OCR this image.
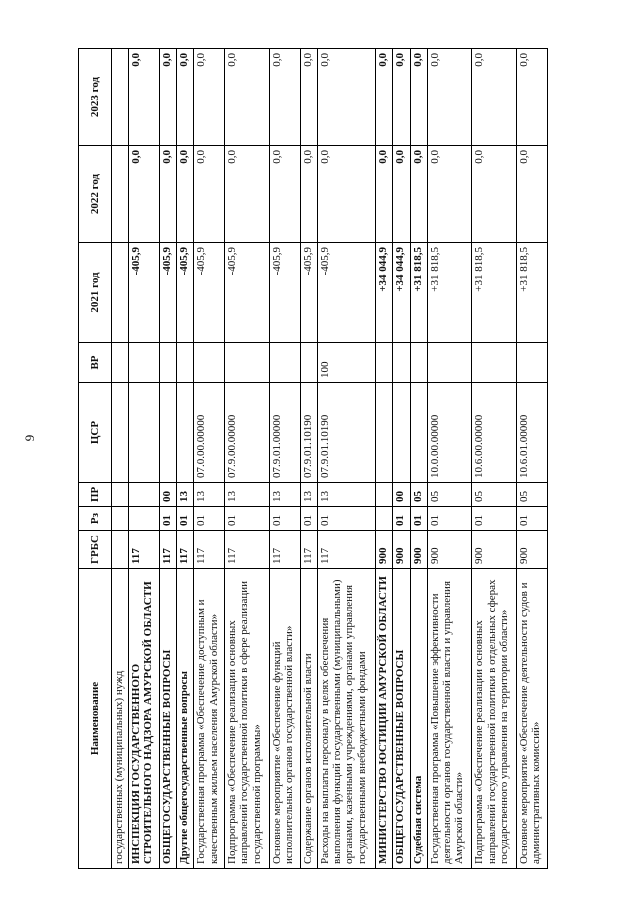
9
Наименование	ГРБС	Рз	ПР	ЦСР	ВР	2021 год	2022 год	2023 год
государственных (муниципальных) нужд								
ИНСПЕКЦИЯ ГОСУДАРСТВЕННОГО СТРОИТЕЛЬНОГО НАДЗОРА АМУРСКОЙ ОБЛАСТИ	117					-405,9	0,0	0,0
ОБЩЕГОСУДАРСТВЕННЫЕ ВОПРОСЫ	117	01	00			-405,9	0,0	0,0
Другие общегосударственные вопросы	117	01	13			-405,9	0,0	0,0
Государственная программа «Обеспечение доступным и качественным жильем населения Амурской области»	117	01	13	07.0.00.00000		-405,9	0,0	0,0
Подпрограмма «Обеспечение реализации основных направлений государственной политики в сфере реализации государственной программы»	117	01	13	07.9.00.00000		-405,9	0,0	0,0
Основное мероприятие «Обеспечение функций исполнительных органов государственной власти»	117	01	13	07.9.01.00000		-405,9	0,0	0,0
Содержание органов исполнительной власти	117	01	13	07.9.01.10190		-405,9	0,0	0,0
Расходы на выплаты персоналу в целях обеспечения выполнения функций государственными (муниципальными) органами, казенными учреждениями, органами управления государственными внебюджетными фондами	117	01	13	07.9.01.10190	100	-405,9	0,0	0,0
МИНИСТЕРСТВО ЮСТИЦИИ АМУРСКОЙ ОБЛАСТИ	900					+34 044,9	0,0	0,0
ОБЩЕГОСУДАРСТВЕННЫЕ ВОПРОСЫ	900	01	00			+34 044,9	0,0	0,0
Судебная система	900	01	05			+31 818,5	0,0	0,0
Государственная программа «Повышение эффективности деятельности органов государственной власти и управления Амурской области»	900	01	05	10.0.00.00000		+31 818,5	0,0	0,0
Подпрограмма «Обеспечение реализации основных направлений государственной политики в отдельных сферах государственного управления на территории области»	900	01	05	10.6.00.00000		+31 818,5	0,0	0,0
Основное мероприятие «Обеспечение деятельности судов и административных комиссий»	900	01	05	10.6.01.00000		+31 818,5	0,0	0,0
